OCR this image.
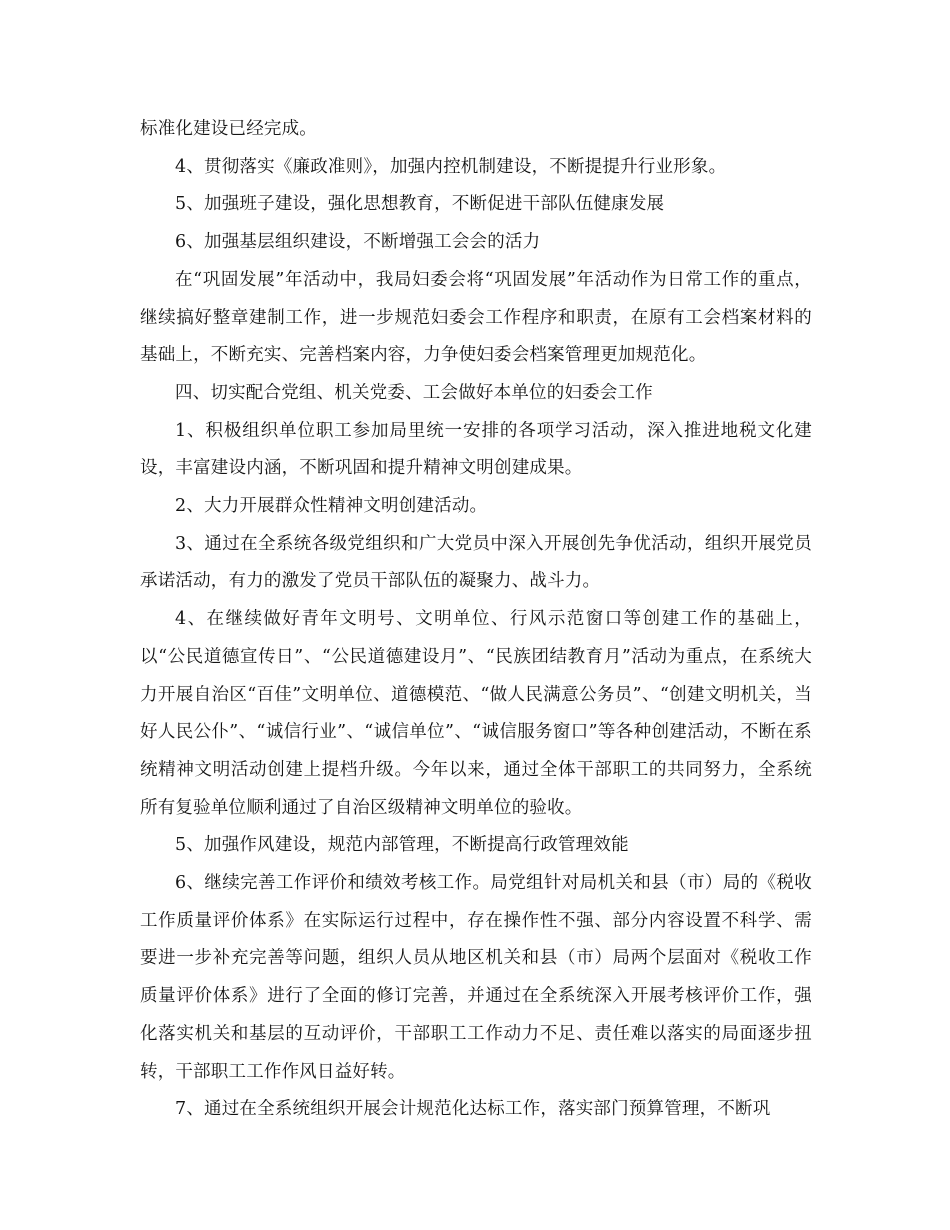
标准化建设已经完成。

4、贯彻落实《廉政准则》，加强内控机制建设，不断提提升行业形象。

5、加强班子建设，强化思想教育，不断促进干部队伍健康发展

6、加强基层组织建设，不断增强工会会的活力

在“巩固发展”年活动中，我局妇委会将“巩固发展”年活动作为日常工作的重点，继续搞好整章建制工作，进一步规范妇委会工作程序和职责，在原有工会档案材料的基础上，不断充实、完善档案内容，力争使妇委会档案管理更加规范化。

四、切实配合党组、机关党委、工会做好本单位的妇委会工作

1、积极组织单位职工参加局里统一安排的各项学习活动，深入推进地税文化建设，丰富建设内涵，不断巩固和提升精神文明创建成果。

2、大力开展群众性精神文明创建活动。

3、通过在全系统各级党组织和广大党员中深入开展创先争优活动，组织开展党员承诺活动，有力的激发了党员干部队伍的凝聚力、战斗力。

4、在继续做好青年文明号、文明单位、行风示范窗口等创建工作的基础上，以“公民道德宣传日”、“公民道德建设月”、“民族团结教育月”活动为重点，在系统大力开展自治区“百佳”文明单位、道德模范、“做人民满意公务员”、“创建文明机关，当好人民公仆”、“诚信行业”、“诚信单位”、“诚信服务窗口”等各种创建活动，不断在系统精神文明活动创建上提档升级。今年以来，通过全体干部职工的共同努力，全系统所有复验单位顺利通过了自治区级精神文明单位的验收。

5、加强作风建设，规范内部管理，不断提高行政管理效能

6、继续完善工作评价和绩效考核工作。局党组针对局机关和县（市）局的《税收工作质量评价体系》在实际运行过程中，存在操作性不强、部分内容设置不科学、需要进一步补充完善等问题，组织人员从地区机关和县（市）局两个层面对《税收工作质量评价体系》进行了全面的修订完善，并通过在全系统深入开展考核评价工作，强化落实机关和基层的互动评价，干部职工工作动力不足、责任难以落实的局面逐步扭转，干部职工工作作风日益好转。

7、通过在全系统组织开展会计规范化达标工作，落实部门预算管理，不断巩
